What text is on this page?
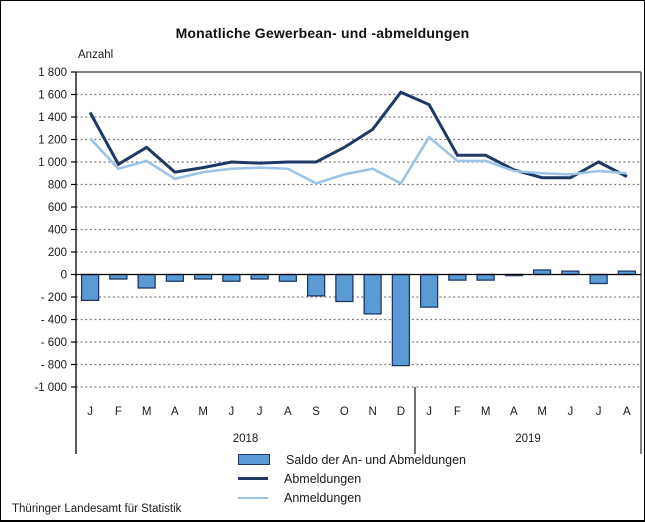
Monatliche Gewerbean- und -abmeldungen
Anzahl
1 800
1 600
1 400
1 200
1 000
800
600
400
200
0
- 200
- 400
- 600
- 800
-1 000
J F M A M J J A S O N D J F M A M J J A
2018	2019
Saldo der An- und Abmeldungen
Abmeldungen
Anmeldungen
Thüringer Landesamt für Statistik
